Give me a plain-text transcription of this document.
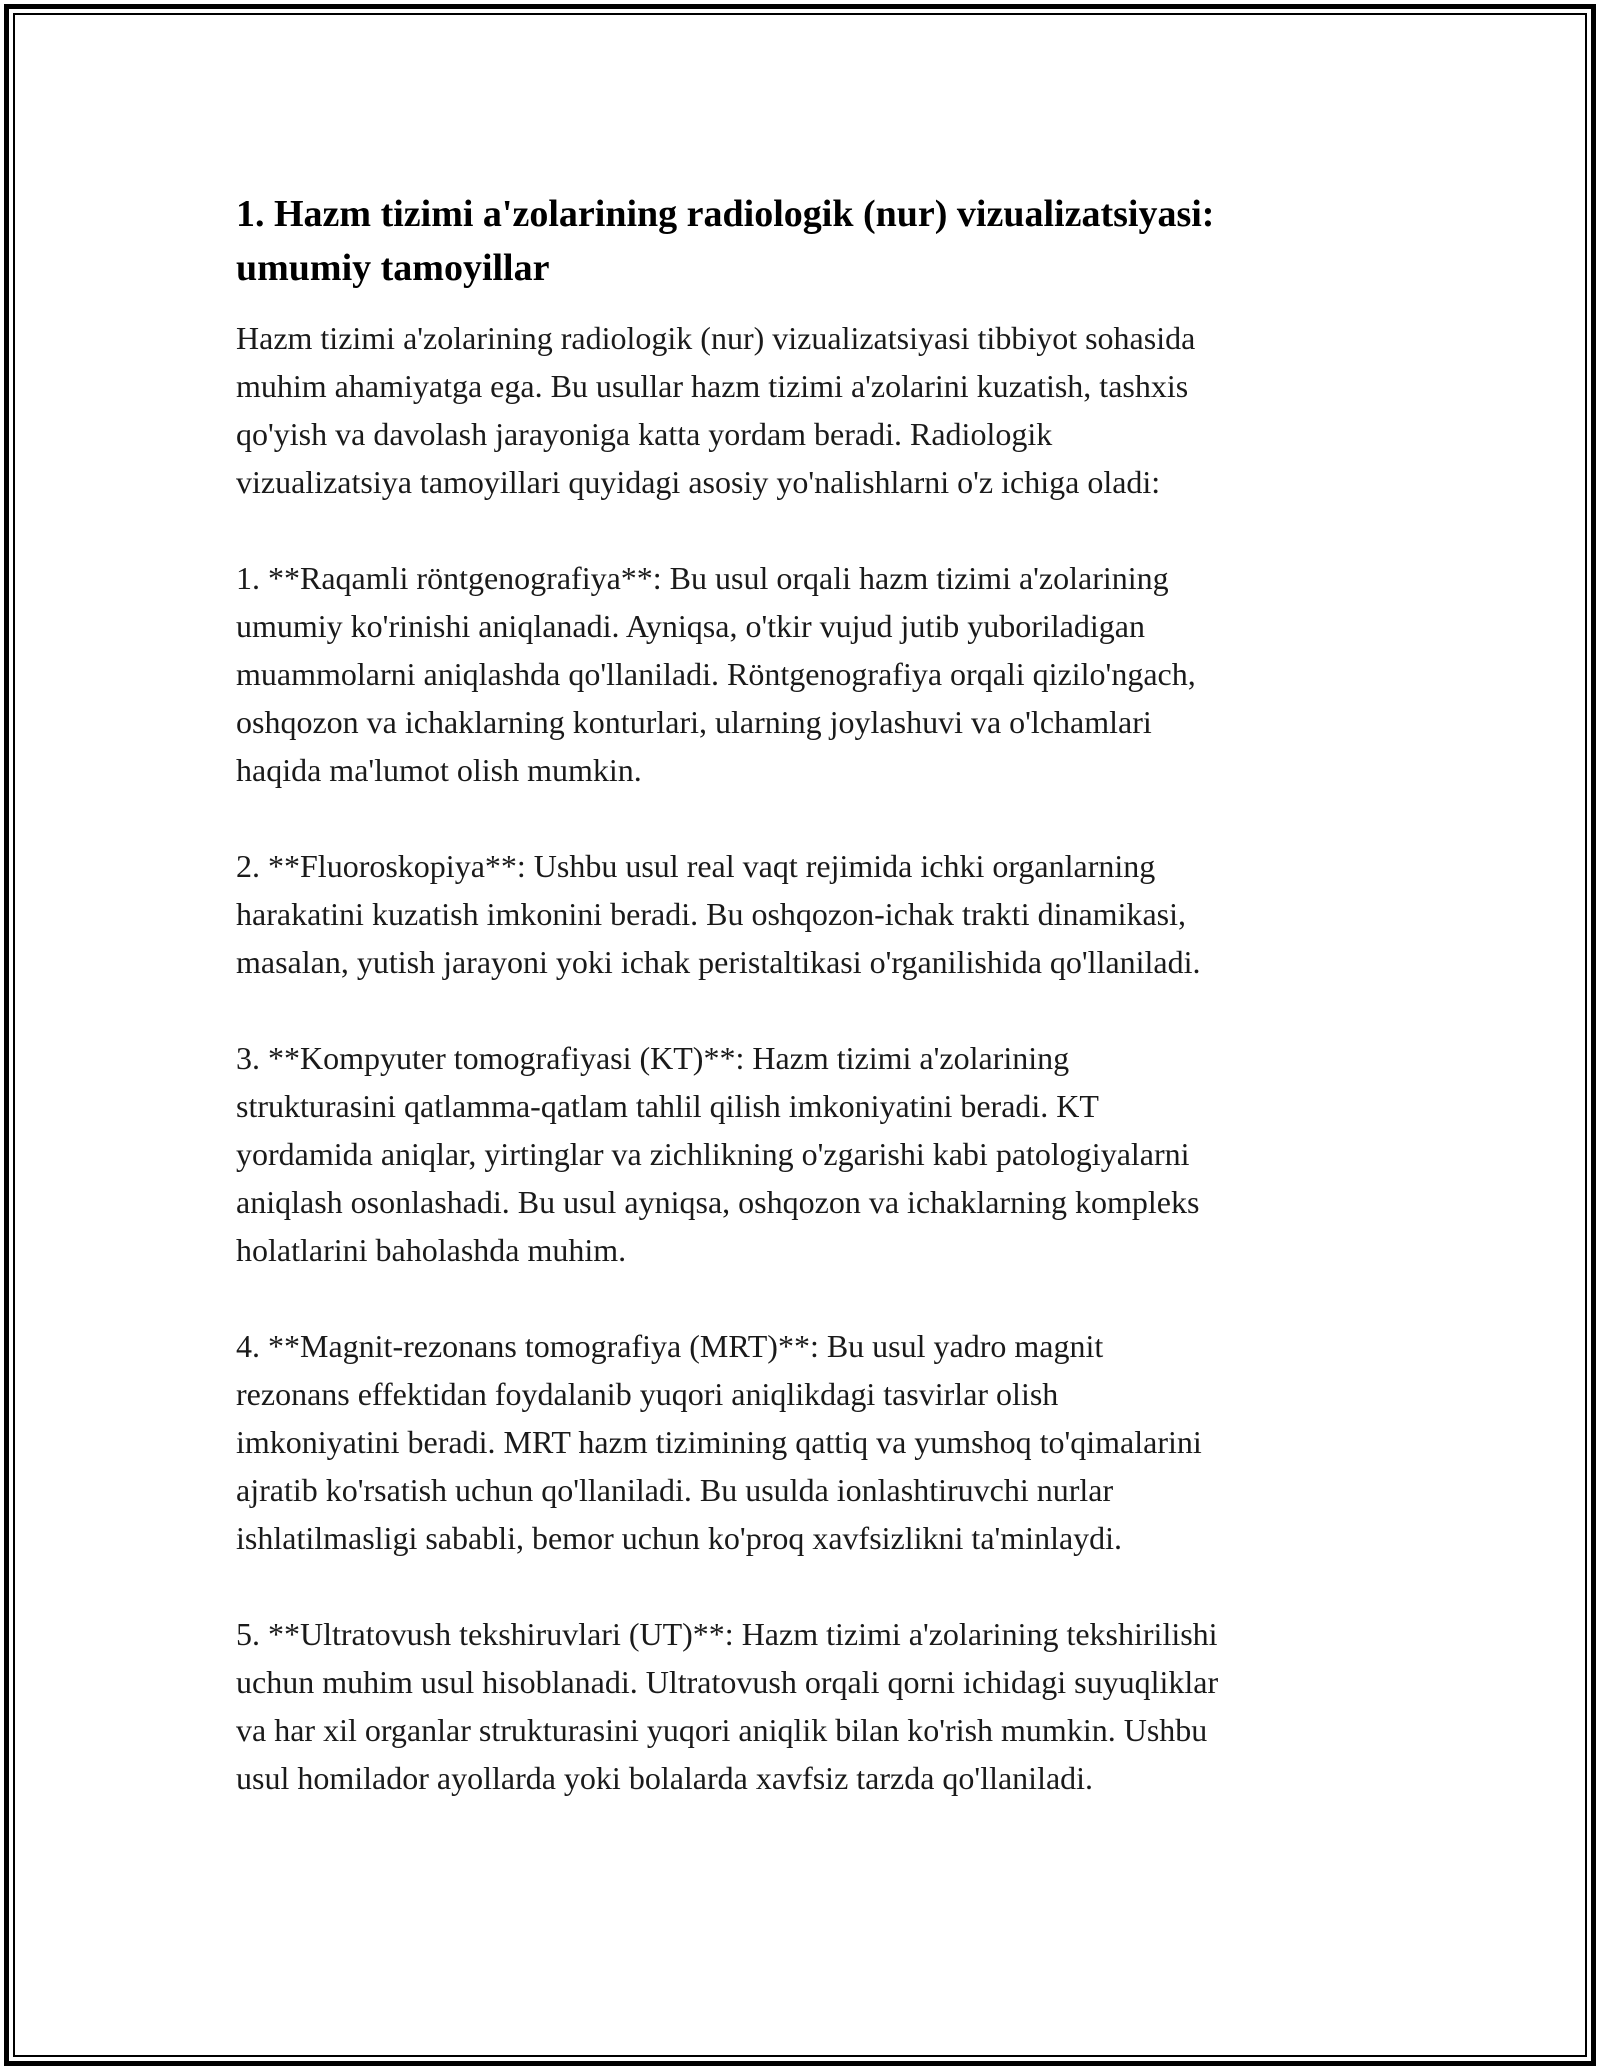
1. Hazm tizimi a'zolarining radiologik (nur) vizualizatsiyasi:
umumiy tamoyillar
Hazm tizimi a'zolarining radiologik (nur) vizualizatsiyasi tibbiyot sohasida
muhim ahamiyatga ega. Bu usullar hazm tizimi a'zolarini kuzatish, tashxis
qo'yish va davolash jarayoniga katta yordam beradi. Radiologik
vizualizatsiya tamoyillari quyidagi asosiy yo'nalishlarni o'z ichiga oladi:

1. **Raqamli röntgenografiya**: Bu usul orqali hazm tizimi a'zolarining
umumiy ko'rinishi aniqlanadi. Ayniqsa, o'tkir vujud jutib yuboriladigan
muammolarni aniqlashda qo'llaniladi. Röntgenografiya orqali qizilo'ngach,
oshqozon va ichaklarning konturlari, ularning joylashuvi va o'lchamlari
haqida ma'lumot olish mumkin.

2. **Fluoroskopiya**: Ushbu usul real vaqt rejimida ichki organlarning
harakatini kuzatish imkonini beradi. Bu oshqozon-ichak trakti dinamikasi,
masalan, yutish jarayoni yoki ichak peristaltikasi o'rganilishida qo'llaniladi.

3. **Kompyuter tomografiyasi (KT)**: Hazm tizimi a'zolarining
strukturasini qatlamma-qatlam tahlil qilish imkoniyatini beradi. KT
yordamida aniqlar, yirtinglar va zichlikning o'zgarishi kabi patologiyalarni
aniqlash osonlashadi. Bu usul ayniqsa, oshqozon va ichaklarning kompleks
holatlarini baholashda muhim.

4. **Magnit-rezonans tomografiya (MRT)**: Bu usul yadro magnit
rezonans effektidan foydalanib yuqori aniqlikdagi tasvirlar olish
imkoniyatini beradi. MRT hazm tizimining qattiq va yumshoq to'qimalarini
ajratib ko'rsatish uchun qo'llaniladi. Bu usulda ionlashtiruvchi nurlar
ishlatilmasligi sababli, bemor uchun ko'proq xavfsizlikni ta'minlaydi.

5. **Ultratovush tekshiruvlari (UT)**: Hazm tizimi a'zolarining tekshirilishi
uchun muhim usul hisoblanadi. Ultratovush orqali qorni ichidagi suyuqliklar
va har xil organlar strukturasini yuqori aniqlik bilan ko'rish mumkin. Ushbu
usul homilador ayollarda yoki bolalarda xavfsiz tarzda qo'llaniladi.
